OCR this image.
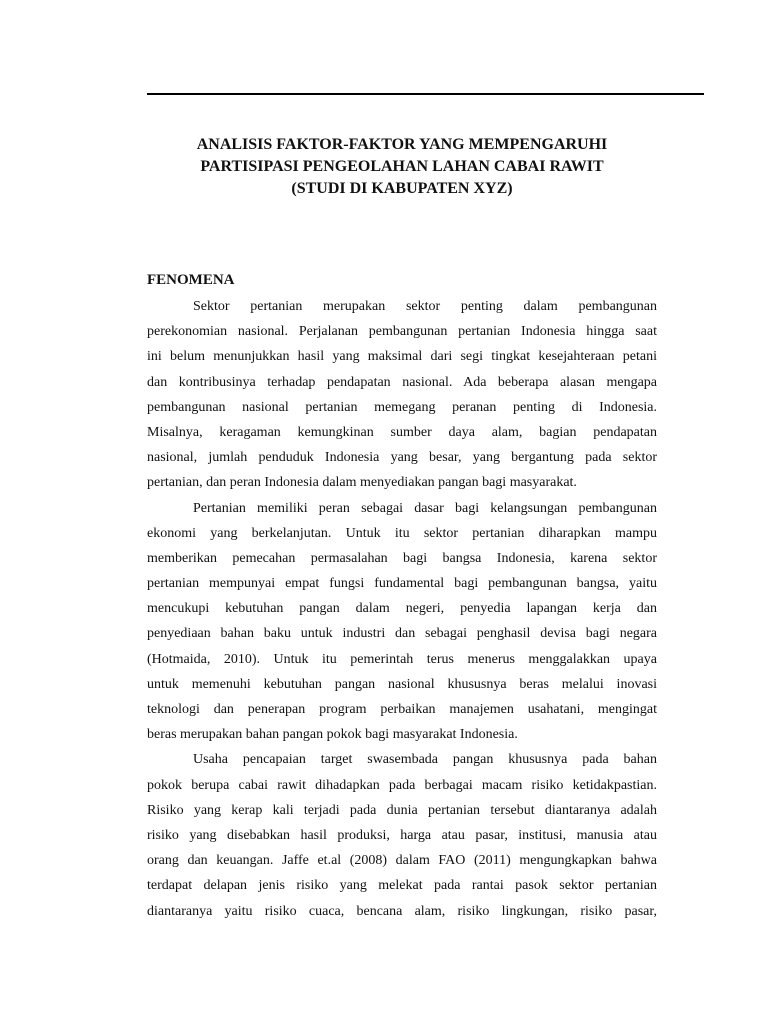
ANALISIS FAKTOR-FAKTOR YANG MEMPENGARUHI
PARTISIPASI PENGEOLAHAN LAHAN CABAI RAWIT
(STUDI DI KABUPATEN XYZ)
FENOMENA
Sektor pertanian merupakan sektor penting dalam pembangunan
perekonomian nasional. Perjalanan pembangunan pertanian Indonesia hingga saat
ini belum menunjukkan hasil yang maksimal dari segi tingkat kesejahteraan petani
dan kontribusinya terhadap pendapatan nasional. Ada beberapa alasan mengapa
pembangunan nasional pertanian memegang peranan penting di Indonesia.
Misalnya, keragaman kemungkinan sumber daya alam, bagian pendapatan
nasional, jumlah penduduk Indonesia yang besar, yang bergantung pada sektor
pertanian, dan peran Indonesia dalam menyediakan pangan bagi masyarakat.
Pertanian memiliki peran sebagai dasar bagi kelangsungan pembangunan
ekonomi yang berkelanjutan. Untuk itu sektor pertanian diharapkan mampu
memberikan pemecahan permasalahan bagi bangsa Indonesia, karena sektor
pertanian mempunyai empat fungsi fundamental bagi pembangunan bangsa, yaitu
mencukupi kebutuhan pangan dalam negeri, penyedia lapangan kerja dan
penyediaan bahan baku untuk industri dan sebagai penghasil devisa bagi negara
(Hotmaida, 2010). Untuk itu pemerintah terus menerus menggalakkan upaya
untuk memenuhi kebutuhan pangan nasional khususnya beras melalui inovasi
teknologi dan penerapan program perbaikan manajemen usahatani, mengingat
beras merupakan bahan pangan pokok bagi masyarakat Indonesia.
Usaha pencapaian target swasembada pangan khususnya pada bahan
pokok berupa cabai rawit dihadapkan pada berbagai macam risiko ketidakpastian.
Risiko yang kerap kali terjadi pada dunia pertanian tersebut diantaranya adalah
risiko yang disebabkan hasil produksi, harga atau pasar, institusi, manusia atau
orang dan keuangan. Jaffe et.al (2008) dalam FAO (2011) mengungkapkan bahwa
terdapat delapan jenis risiko yang melekat pada rantai pasok sektor pertanian
diantaranya yaitu risiko cuaca, bencana alam, risiko lingkungan, risiko pasar,
